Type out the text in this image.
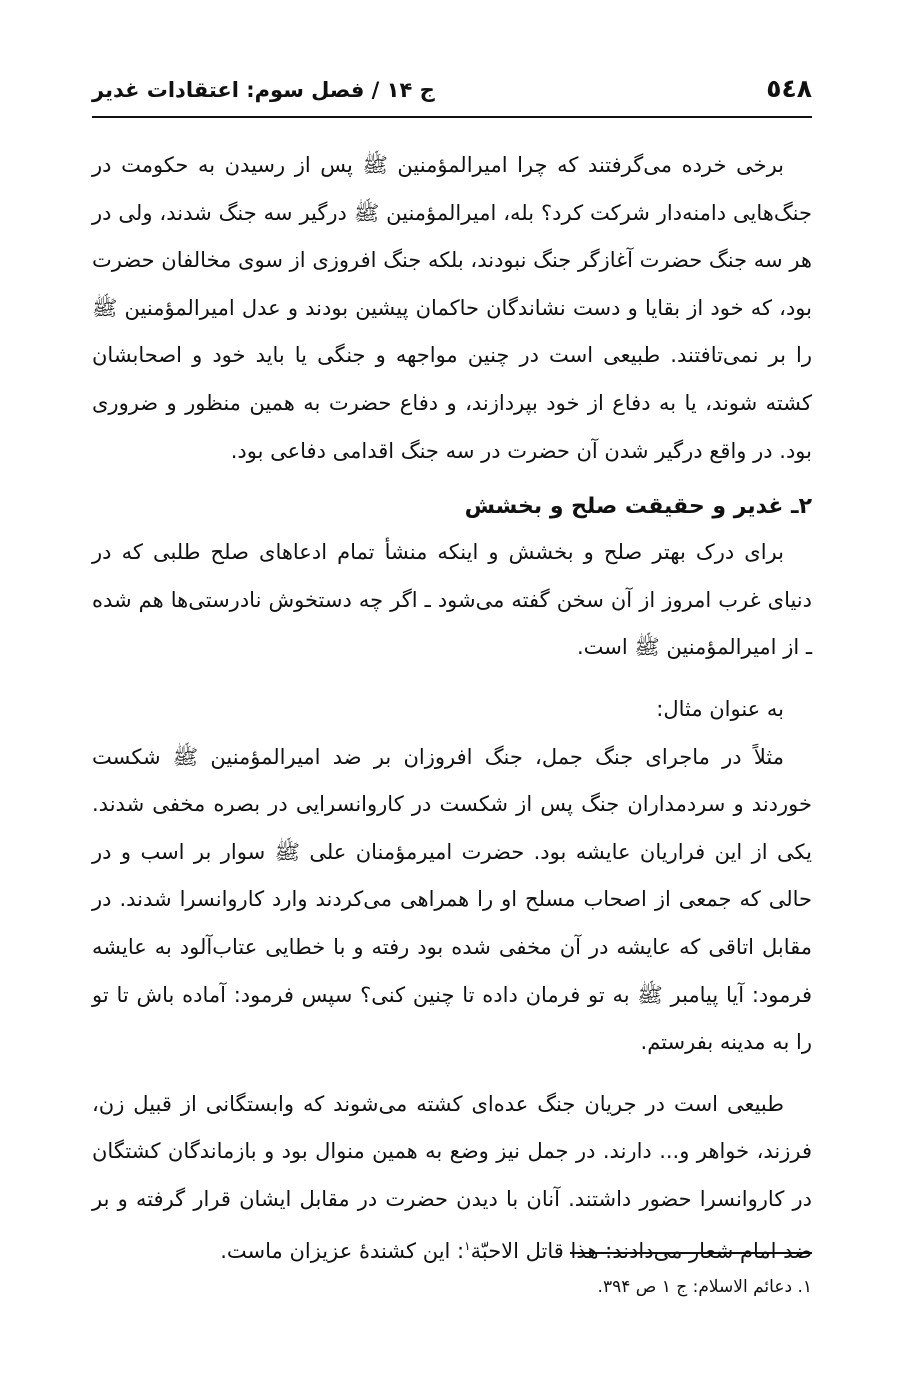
٥٤٨
ج ۱۴ / فصل سوم: اعتقادات غدیر

برخی خرده می‌گرفتند که چرا امیرالمؤمنین ﷺ پس از رسیدن به حکومت در جنگ‌هایی دامنه‌دار شرکت کرد؟ بله، امیرالمؤمنین ﷺ درگیر سه جنگ شدند، ولی در هر سه جنگ حضرت آغازگر جنگ نبودند، بلکه جنگ افروزی از سوی مخالفان حضرت بود، که خود از بقایا و دست نشاندگان حاکمان پیشین بودند و عدل امیرالمؤمنین ﷺ را بر نمی‌تافتند. طبیعی است در چنین مواجهه و جنگی یا باید خود و اصحابشان کشته شوند، یا به دفاع از خود بپردازند، و دفاع حضرت به همین منظور و ضروری بود. در واقع درگیر شدن آن حضرت در سه جنگ اقدامی دفاعی بود.

۲ـ غدیر و حقیقت صلح و بخشش

برای درک بهتر صلح و بخشش و اینکه منشأ تمام ادعاهای صلح طلبی که در دنیای غرب امروز از آن سخن گفته می‌شود ـ اگر چه دستخوش نادرستی‌ها هم شده ـ از امیرالمؤمنین ﷺ است.

به عنوان مثال:

مثلاً در ماجرای جنگ جمل، جنگ افروزان بر ضد امیرالمؤمنین ﷺ شکست خوردند و سردمداران جنگ پس از شکست در کاروانسرایی در بصره مخفی شدند. یکی از این فراریان عایشه بود. حضرت امیرمؤمنان علی ﷺ سوار بر اسب و در حالی که جمعی از اصحاب مسلح او را همراهی می‌کردند وارد کاروانسرا شدند. در مقابل اتاقی که عایشه در آن مخفی شده بود رفته و با خطایی عتاب‌آلود به عایشه فرمود: آیا پیامبر ﷺ به تو فرمان داده تا چنین کنی؟ سپس فرمود: آماده باش تا تو را به مدینه بفرستم.

طبیعی است در جریان جنگ عده‌ای کشته می‌شوند که وابستگانی از قبیل زن، فرزند، خواهر و... دارند. در جمل نیز وضع به همین منوال بود و بازماندگان کشتگان در کاروانسرا حضور داشتند. آنان با دیدن حضرت در مقابل ایشان قرار گرفته و بر ضد امام شعار می‌دادند: هذا قاتل الاحبّة$^۱$: این کشندهٔ عزیزان ماست.

۱. دعائم الاسلام: ج ۱ ص ۳۹۴.
